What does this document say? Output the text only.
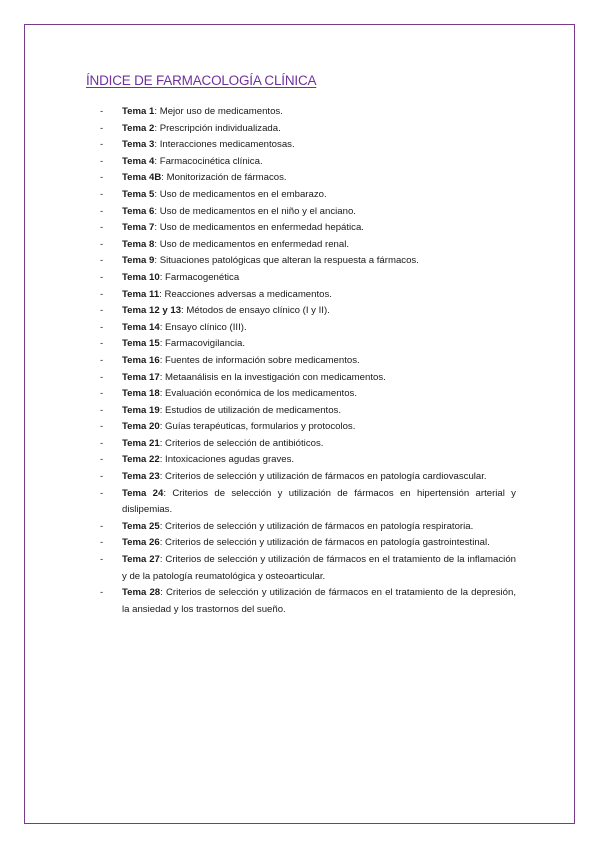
ÍNDICE DE FARMACOLOGÍA CLÍNICA
- Tema 1: Mejor uso de medicamentos.
- Tema 2: Prescripción individualizada.
- Tema 3: Interacciones medicamentosas.
- Tema 4: Farmacocinética clínica.
- Tema 4B: Monitorización de fármacos.
- Tema 5: Uso de medicamentos en el embarazo.
- Tema 6: Uso de medicamentos en el niño y el anciano.
- Tema 7: Uso de medicamentos en enfermedad hepática.
- Tema 8: Uso de medicamentos en enfermedad renal.
- Tema 9: Situaciones patológicas que alteran la respuesta a fármacos.
- Tema 10: Farmacogenética
- Tema 11: Reacciones adversas a medicamentos.
- Tema 12 y 13: Métodos de ensayo clínico (I y II).
- Tema 14: Ensayo clínico (III).
- Tema 15: Farmacovigilancia.
- Tema 16: Fuentes de información sobre medicamentos.
- Tema 17: Metaanálisis en la investigación con medicamentos.
- Tema 18: Evaluación económica de los medicamentos.
- Tema 19: Estudios de utilización de medicamentos.
- Tema 20: Guías terapéuticas, formularios y protocolos.
- Tema 21: Criterios de selección de antibióticos.
- Tema 22: Intoxicaciones agudas graves.
- Tema 23: Criterios de selección y utilización de fármacos en patología cardiovascular.
- Tema 24: Criterios de selección y utilización de fármacos en hipertensión arterial y dislipemias.
- Tema 25: Criterios de selección y utilización de fármacos en patología respiratoria.
- Tema 26: Criterios de selección y utilización de fármacos en patología gastrointestinal.
- Tema 27: Criterios de selección y utilización de fármacos en el tratamiento de la inflamación y de la patología reumatológica y osteoarticular.
- Tema 28: Criterios de selección y utilización de fármacos en el tratamiento de la depresión, la ansiedad y los trastornos del sueño.
